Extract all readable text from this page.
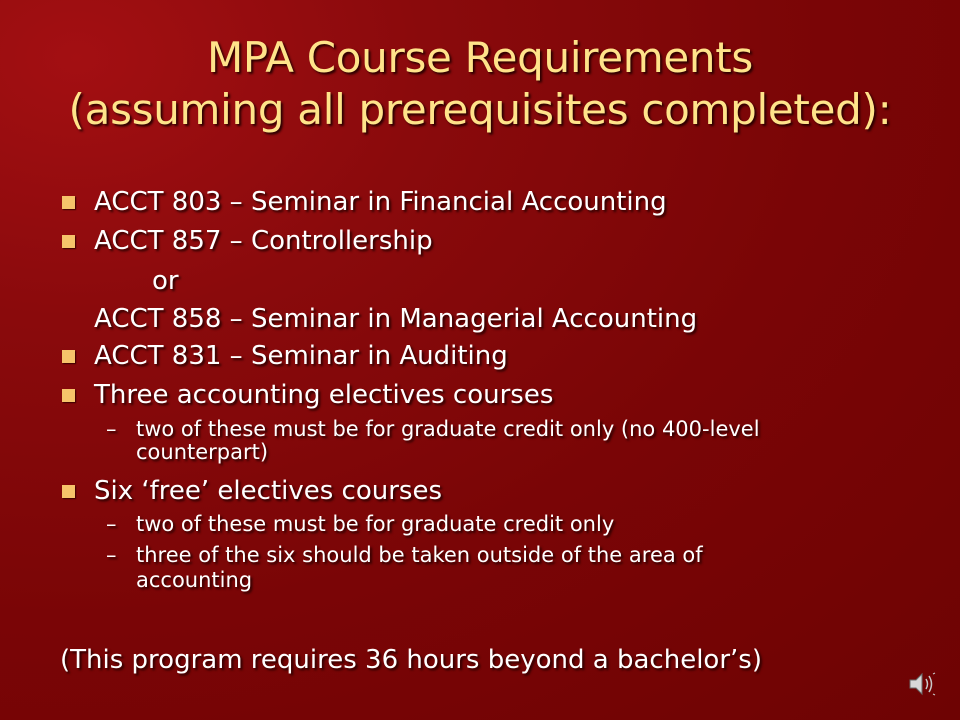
MPA Course Requirements
(assuming all prerequisites completed):
ACCT 803 – Seminar in Financial Accounting
ACCT 857 – Controllership
or
ACCT 858 – Seminar in Managerial Accounting
ACCT 831 – Seminar in Auditing
Three accounting electives courses
– two of these must be for graduate credit only (no 400-level
counterpart)
Six ‘free’ electives courses
– two of these must be for graduate credit only
– three of the six should be taken outside of the area of
accounting
(This program requires 36 hours beyond a bachelor’s)
